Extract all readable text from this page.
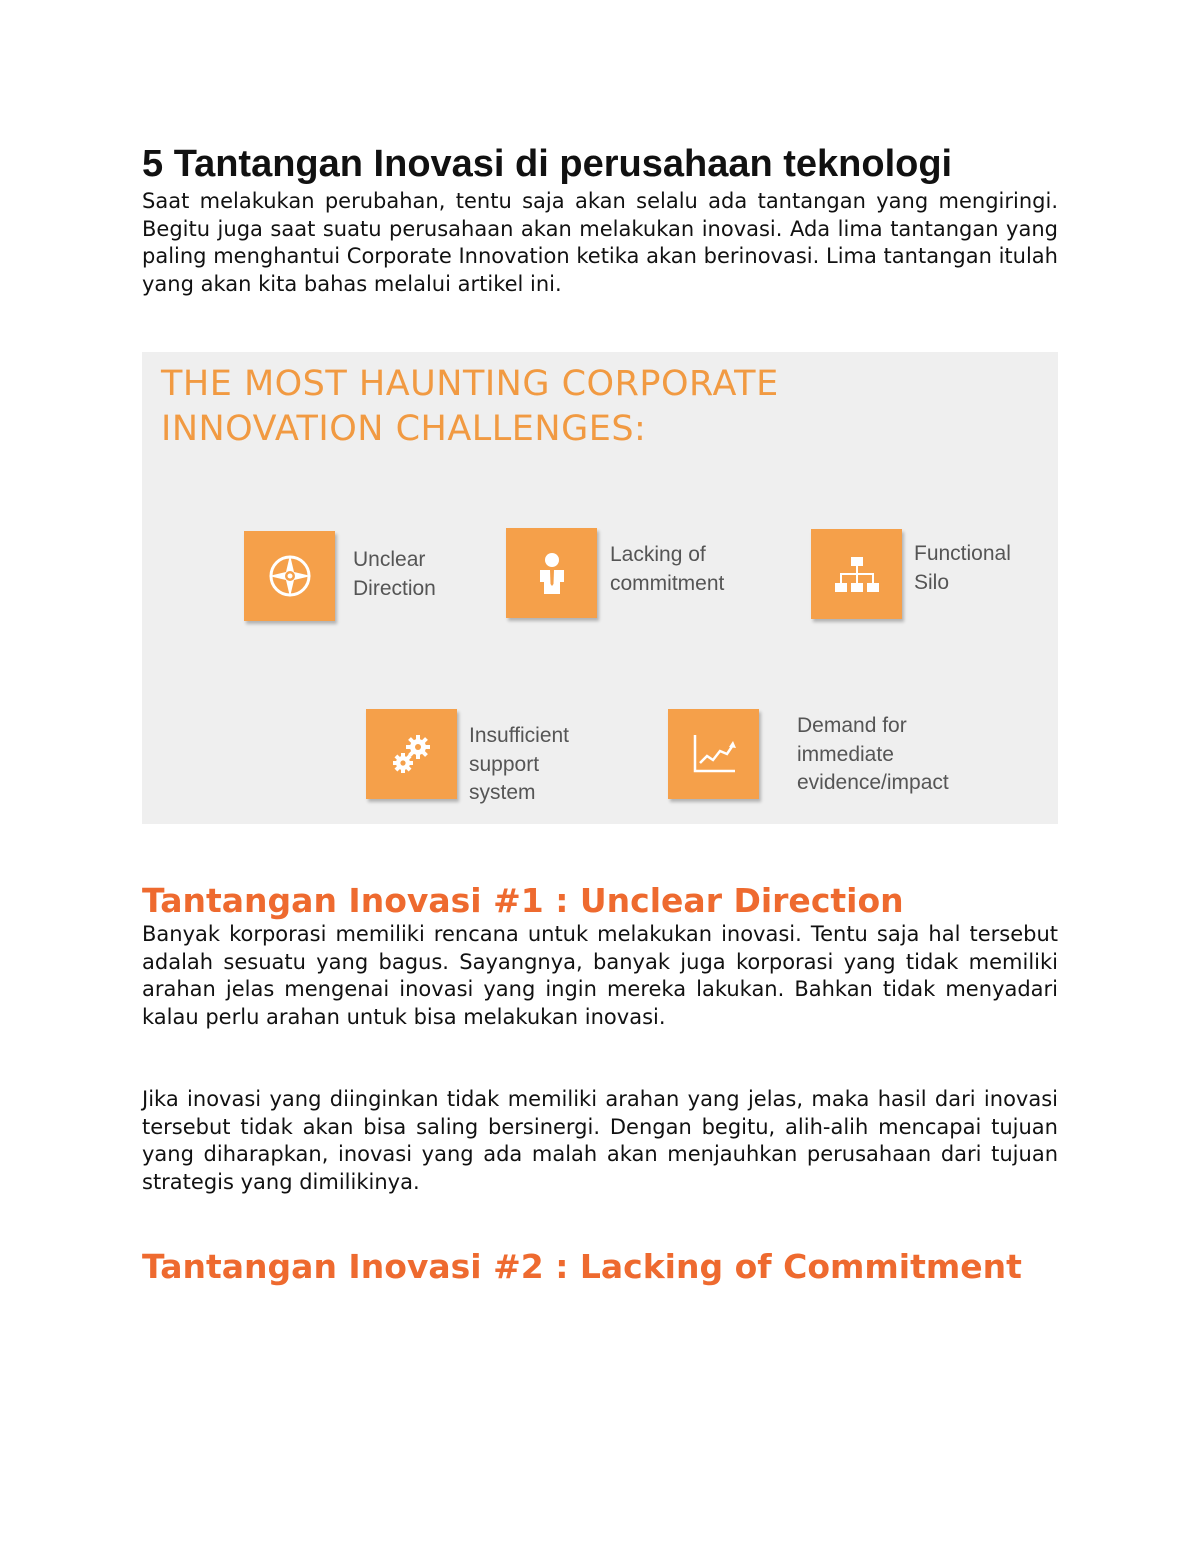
5 Tantangan Inovasi di perusahaan teknologi

Saat melakukan perubahan, tentu saja akan selalu ada tantangan yang mengiringi. Begitu juga saat suatu perusahaan akan melakukan inovasi. Ada lima tantangan yang paling menghantui Corporate Innovation ketika akan berinovasi. Lima tantangan itulah yang akan kita bahas melalui artikel ini.

THE MOST HAUNTING CORPORATE
INNOVATION CHALLENGES:
Unclear
Direction
Lacking of
commitment
Functional
Silo
Insufficient
support system
Demand for
immediate
evidence/impact
Tantangan Inovasi #1 : Unclear Direction

Banyak korporasi memiliki rencana untuk melakukan inovasi. Tentu saja hal tersebut adalah sesuatu yang bagus. Sayangnya, banyak juga korporasi yang tidak memiliki arahan jelas mengenai inovasi yang ingin mereka lakukan. Bahkan tidak menyadari kalau perlu arahan untuk bisa melakukan inovasi.

Jika inovasi yang diinginkan tidak memiliki arahan yang jelas, maka hasil dari inovasi tersebut tidak akan bisa saling bersinergi. Dengan begitu, alih-alih mencapai tujuan yang diharapkan, inovasi yang ada malah akan menjauhkan perusahaan dari tujuan strategis yang dimilikinya.

Tantangan Inovasi #2 : Lacking of Commitment
